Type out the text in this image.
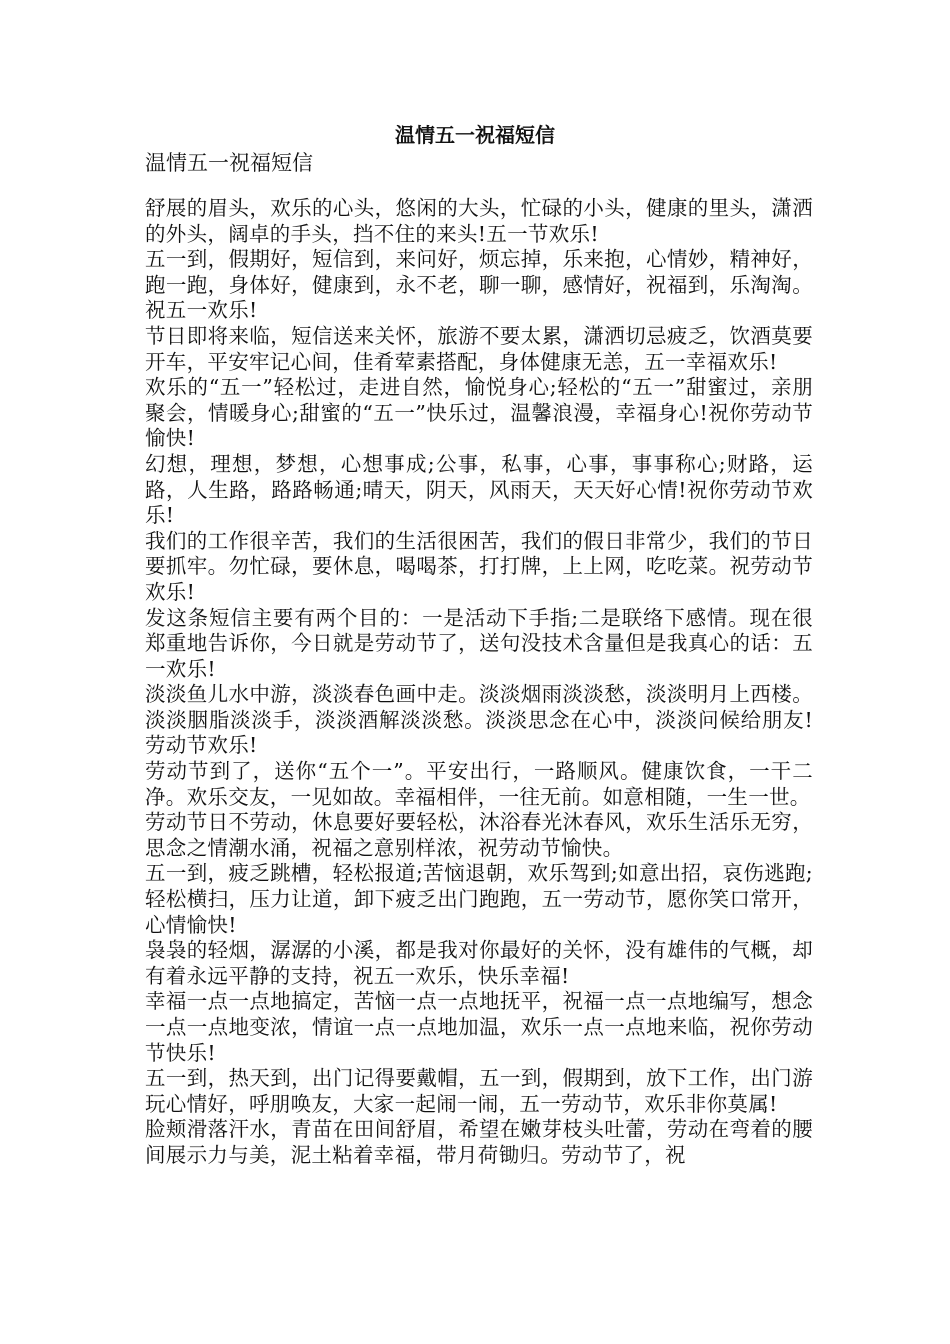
温情五一祝福短信

温情五一祝福短信

舒展的眉头，欢乐的心头，悠闲的大头，忙碌的小头，健康的里头，潇洒的外头，阔卓的手头，挡不住的来头!五一节欢乐!

五一到，假期好，短信到，来问好，烦忘掉，乐来抱，心情妙，精神好，跑一跑，身体好，健康到，永不老，聊一聊，感情好，祝福到，乐淘淘。祝五一欢乐!

节日即将来临，短信送来关怀，旅游不要太累，潇洒切忌疲乏，饮酒莫要开车，平安牢记心间，佳肴荤素搭配，身体健康无恙，五一幸福欢乐!

欢乐的“五一”轻松过，走进自然，愉悦身心;轻松的“五一”甜蜜过，亲朋聚会，情暖身心;甜蜜的“五一”快乐过，温馨浪漫，幸福身心!祝你劳动节愉快!

幻想，理想，梦想，心想事成;公事，私事，心事，事事称心;财路，运路，人生路，路路畅通;晴天，阴天，风雨天，天天好心情!祝你劳动节欢乐!

我们的工作很辛苦，我们的生活很困苦，我们的假日非常少，我们的节日要抓牢。勿忙碌，要休息，喝喝茶，打打牌，上上网，吃吃菜。祝劳动节欢乐!

发这条短信主要有两个目的：一是活动下手指;二是联络下感情。现在很郑重地告诉你，今日就是劳动节了，送句没技术含量但是我真心的话：五一欢乐!

淡淡鱼儿水中游，淡淡春色画中走。淡淡烟雨淡淡愁，淡淡明月上西楼。淡淡胭脂淡淡手，淡淡酒解淡淡愁。淡淡思念在心中，淡淡问候给朋友!劳动节欢乐!

劳动节到了，送你“五个一”。平安出行，一路顺风。健康饮食，一干二净。欢乐交友，一见如故。幸福相伴，一往无前。如意相随，一生一世。

劳动节日不劳动，休息要好要轻松，沐浴春光沐春风，欢乐生活乐无穷，思念之情潮水涌，祝福之意别样浓，祝劳动节愉快。

五一到，疲乏跳槽，轻松报道;苦恼退朝，欢乐驾到;如意出招，哀伤逃跑;轻松横扫，压力让道，卸下疲乏出门跑跑，五一劳动节，愿你笑口常开，心情愉快!

袅袅的轻烟，潺潺的小溪，都是我对你最好的关怀，没有雄伟的气概，却有着永远平静的支持，祝五一欢乐，快乐幸福!

幸福一点一点地搞定，苦恼一点一点地抚平，祝福一点一点地编写，想念一点一点地变浓，情谊一点一点地加温，欢乐一点一点地来临，祝你劳动节快乐!

五一到，热天到，出门记得要戴帽，五一到，假期到，放下工作，出门游玩心情好，呼朋唤友，大家一起闹一闹，五一劳动节，欢乐非你莫属!

脸颊滑落汗水，青苗在田间舒眉，希望在嫩芽枝头吐蕾，劳动在弯着的腰间展示力与美，泥土粘着幸福，带月荷锄归。劳动节了，祝
